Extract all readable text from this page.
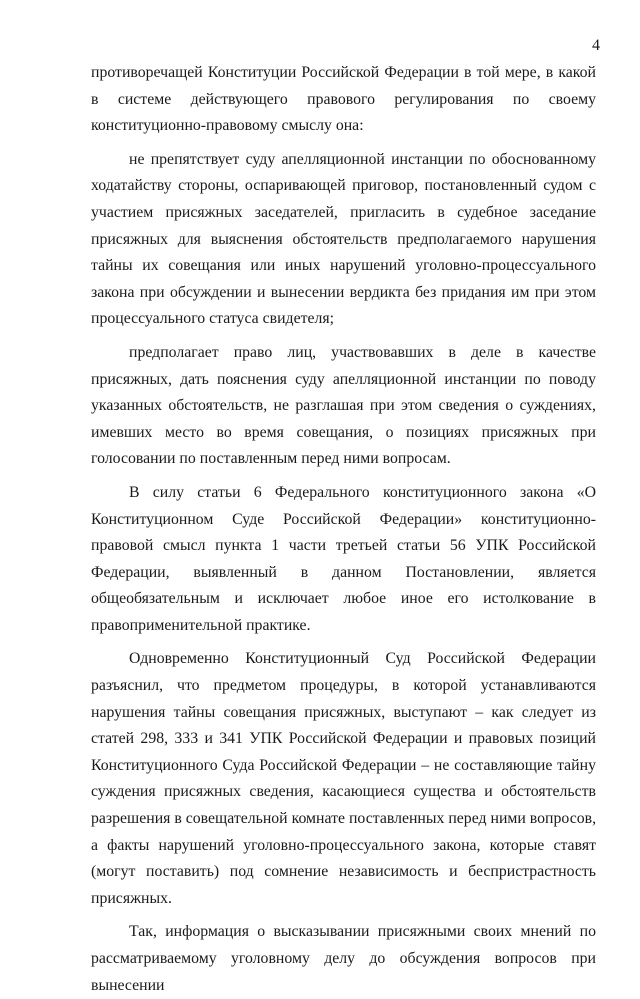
4

противоречащей Конституции Российской Федерации в той мере, в какой в системе действующего правового регулирования по своему конституционно-правовому смыслу она:

не препятствует суду апелляционной инстанции по обоснованному ходатайству стороны, оспаривающей приговор, постановленный судом с участием присяжных заседателей, пригласить в судебное заседание присяжных для выяснения обстоятельств предполагаемого нарушения тайны их совещания или иных нарушений уголовно-процессуального закона при обсуждении и вынесении вердикта без придания им при этом процессуального статуса свидетеля;

предполагает право лиц, участвовавших в деле в качестве присяжных, дать пояснения суду апелляционной инстанции по поводу указанных обстоятельств, не разглашая при этом сведения о суждениях, имевших место во время совещания, о позициях присяжных при голосовании по поставленным перед ними вопросам.

В силу статьи 6 Федерального конституционного закона «О Конституционном Суде Российской Федерации» конституционно-правовой смысл пункта 1 части третьей статьи 56 УПК Российской Федерации, выявленный в данном Постановлении, является общеобязательным и исключает любое иное его истолкование в правоприменительной практике.

Одновременно Конституционный Суд Российской Федерации разъяснил, что предметом процедуры, в которой устанавливаются нарушения тайны совещания присяжных, выступают – как следует из статей 298, 333 и 341 УПК Российской Федерации и правовых позиций Конституционного Суда Российской Федерации – не составляющие тайну суждения присяжных сведения, касающиеся существа и обстоятельств разрешения в совещательной комнате поставленных перед ними вопросов, а факты нарушений уголовно-процессуального закона, которые ставят (могут поставить) под сомнение независимость и беспристрастность присяжных.

Так, информация о высказывании присяжными своих мнений по рассматриваемому уголовному делу до обсуждения вопросов при вынесении
